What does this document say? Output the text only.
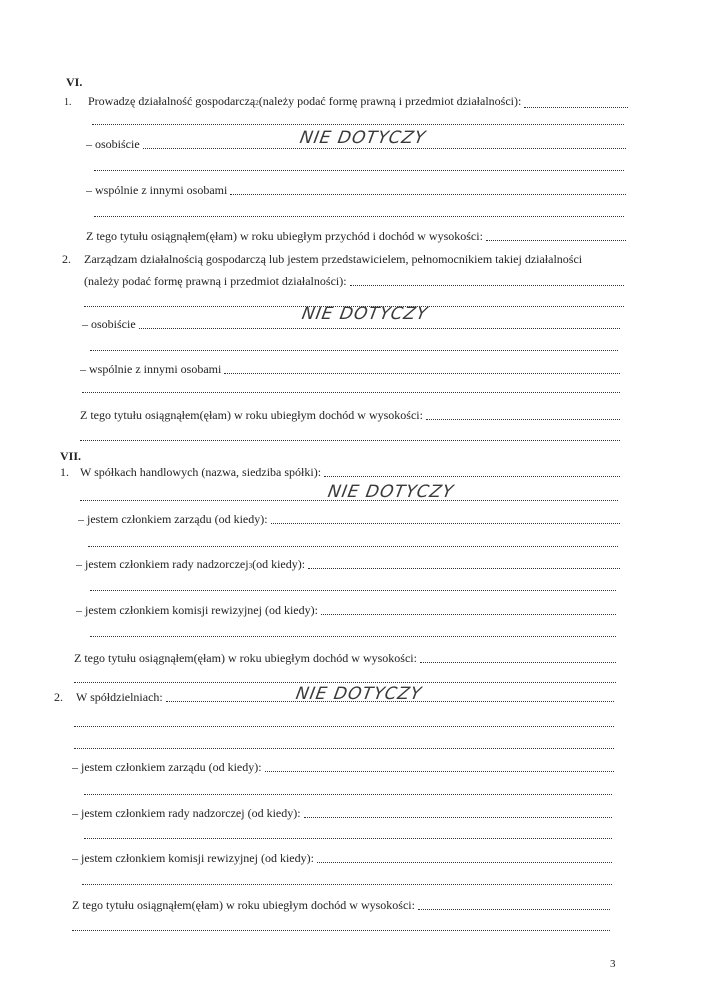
VI.
1.	Prowadzę działalność gospodarczą 2 (należy podać formę prawną i przedmiot działalności):
– osobiście	NIE DOTYCZY
– wspólnie z innymi osobami
Z tego tytułu osiągnąłem(ęłam) w roku ubiegłym przychód i dochód w wysokości:
2.	Zarządzam działalnością gospodarczą lub jestem przedstawicielem, pełnomocnikiem takiej działalności
(należy podać formę prawną i przedmiot działalności):
– osobiście	NIE DOTYCZY
– wspólnie z innymi osobami
Z tego tytułu osiągnąłem(ęłam) w roku ubiegłym dochód w wysokości:
VII.
1. W spółkach handlowych (nazwa, siedziba spółki):
NIE DOTYCZY
– jestem członkiem zarządu (od kiedy):
– jestem członkiem rady nadzorczej 3 (od kiedy):
– jestem członkiem komisji rewizyjnej (od kiedy):
Z tego tytułu osiągnąłem(ęłam) w roku ubiegłym dochód w wysokości:
2.	W spółdzielniach:	NIE DOTYCZY
– jestem członkiem zarządu (od kiedy):
– jestem członkiem rady nadzorczej (od kiedy):
– jestem członkiem komisji rewizyjnej (od kiedy):
Z tego tytułu osiągnąłem(ęłam) w roku ubiegłym dochód w wysokości:
3
